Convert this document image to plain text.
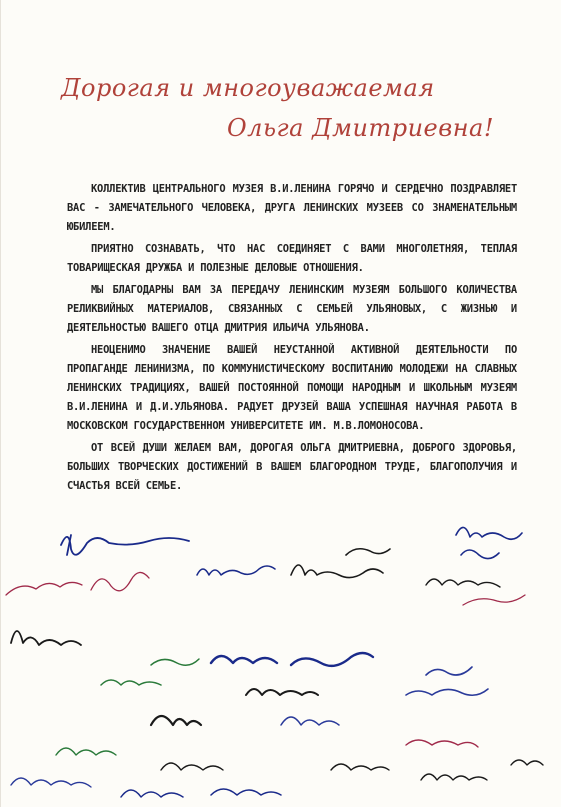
Дорогая и многоуважаемая
Ольга Дмитриевна!

КОЛЛЕКТИВ ЦЕНТРАЛЬНОГО МУЗЕЯ В.И.ЛЕНИНА ГОРЯЧО И СЕРДЕЧНО ПОЗДРАВЛЯЕТ ВАС - ЗАМЕЧАТЕЛЬНОГО ЧЕЛОВЕКА, ДРУГА ЛЕНИНСКИХ МУЗЕЕВ СО ЗНАМЕНАТЕЛЬНЫМ ЮБИЛЕЕМ.

ПРИЯТНО СОЗНАВАТЬ, ЧТО НАС СОЕДИНЯЕТ С ВАМИ МНОГОЛЕТНЯЯ, ТЕПЛАЯ ТОВАРИЩЕСКАЯ ДРУЖБА И ПОЛЕЗНЫЕ ДЕЛОВЫЕ ОТНОШЕНИЯ.

МЫ БЛАГОДАРНЫ ВАМ ЗА ПЕРЕДАЧУ ЛЕНИНСКИМ МУЗЕЯМ БОЛЬШОГО КОЛИЧЕСТВА РЕЛИКВИЙНЫХ МАТЕРИАЛОВ, СВЯЗАННЫХ С СЕМЬЕЙ УЛЬЯНОВЫХ, С ЖИЗНЬЮ И ДЕЯТЕЛЬНОСТЬЮ ВАШЕГО ОТЦА ДМИТРИЯ ИЛЬИЧА УЛЬЯНОВА.

НЕОЦЕНИМО ЗНАЧЕНИЕ ВАШЕЙ НЕУСТАННОЙ АКТИВНОЙ ДЕЯТЕЛЬНОСТИ ПО ПРОПАГАНДЕ ЛЕНИНИЗМА, ПО КОММУНИСТИЧЕСКОМУ ВОСПИТАНИЮ МОЛОДЕЖИ НА СЛАВНЫХ ЛЕНИНСКИХ ТРАДИЦИЯХ, ВАШЕЙ ПОСТОЯННОЙ ПОМОЩИ НАРОДНЫМ И ШКОЛЬНЫМ МУЗЕЯМ В.И.ЛЕНИНА И Д.И.УЛЬЯНОВА. РАДУЕТ ДРУЗЕЙ ВАША УСПЕШНАЯ НАУЧНАЯ РАБОТА В МОСКОВСКОМ ГОСУДАРСТВЕННОМ УНИВЕРСИТЕТЕ ИМ. М.В.ЛОМОНОСОВА.

ОТ ВСЕЙ ДУШИ ЖЕЛАЕМ ВАМ, ДОРОГАЯ ОЛЬГА ДМИТРИЕВНА, ДОБРОГО ЗДОРОВЬЯ, БОЛЬШИХ ТВОРЧЕСКИХ ДОСТИЖЕНИЙ В ВАШЕМ БЛАГОРОДНОМ ТРУДЕ, БЛАГОПОЛУЧИЯ И СЧАСТЬЯ ВСЕЙ СЕМЬЕ.
